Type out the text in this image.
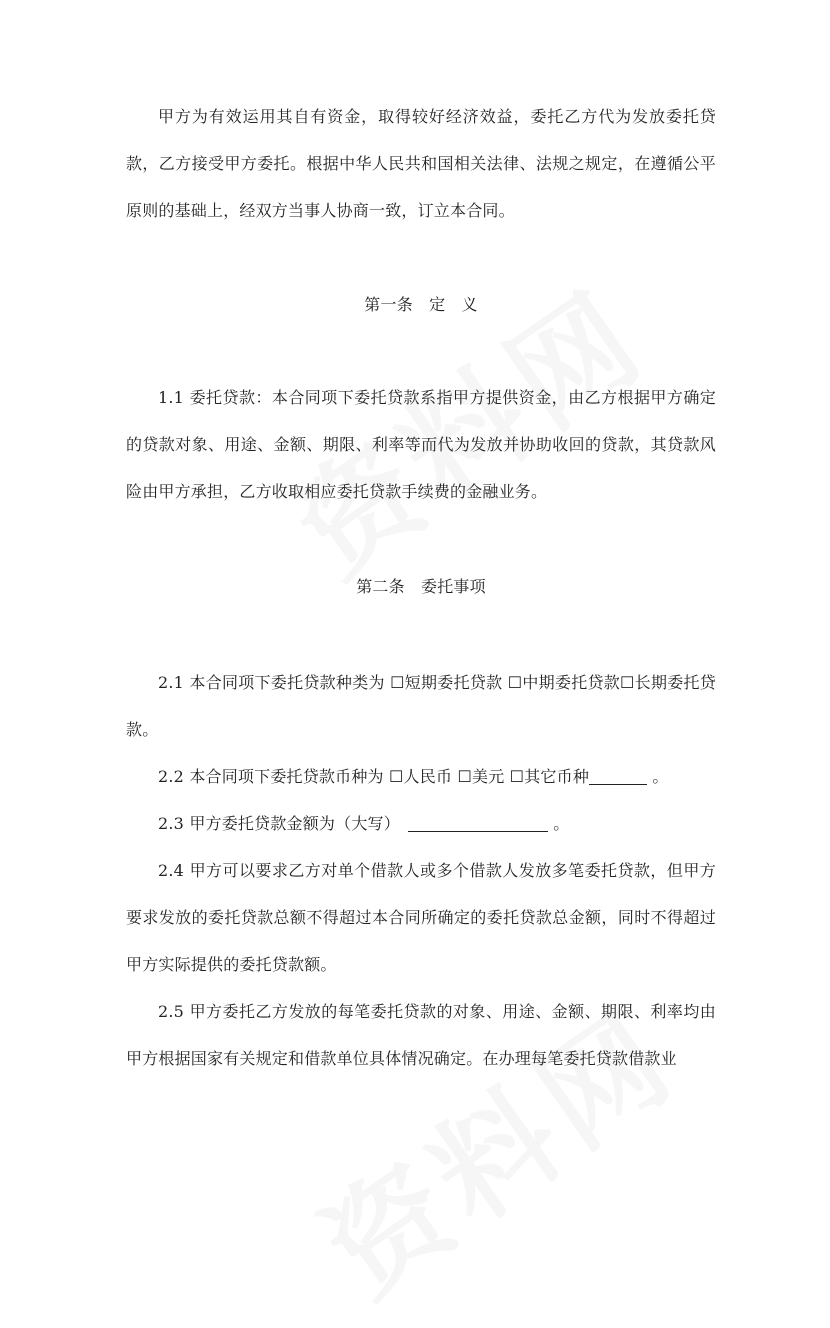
甲方为有效运用其自有资金，取得较好经济效益，委托乙方代为发放委托贷款，乙方接受甲方委托。根据中华人民共和国相关法律、法规之规定，在遵循公平原则的基础上，经双方当事人协商一致，订立本合同。

第一条　定　义

1.1 委托贷款：本合同项下委托贷款系指甲方提供资金，由乙方根据甲方确定的贷款对象、用途、金额、期限、利率等而代为发放并协助收回的贷款，其贷款风险由甲方承担，乙方收取相应委托贷款手续费的金融业务。

第二条　委托事项

2.1 本合同项下委托贷款种类为 ☐短期委托贷款 ☐中期委托贷款☐长期委托贷款。

2.2 本合同项下委托贷款币种为 ☐人民币 ☐美元 ☐其它币种	。

2.3 甲方委托贷款金额为（大写）	。

2.4 甲方可以要求乙方对单个借款人或多个借款人发放多笔委托贷款，但甲方要求发放的委托贷款总额不得超过本合同所确定的委托贷款总金额，同时不得超过甲方实际提供的委托贷款额。

2.5 甲方委托乙方发放的每笔委托贷款的对象、用途、金额、期限、利率均由甲方根据国家有关规定和借款单位具体情况确定。在办理每笔委托贷款借款业
